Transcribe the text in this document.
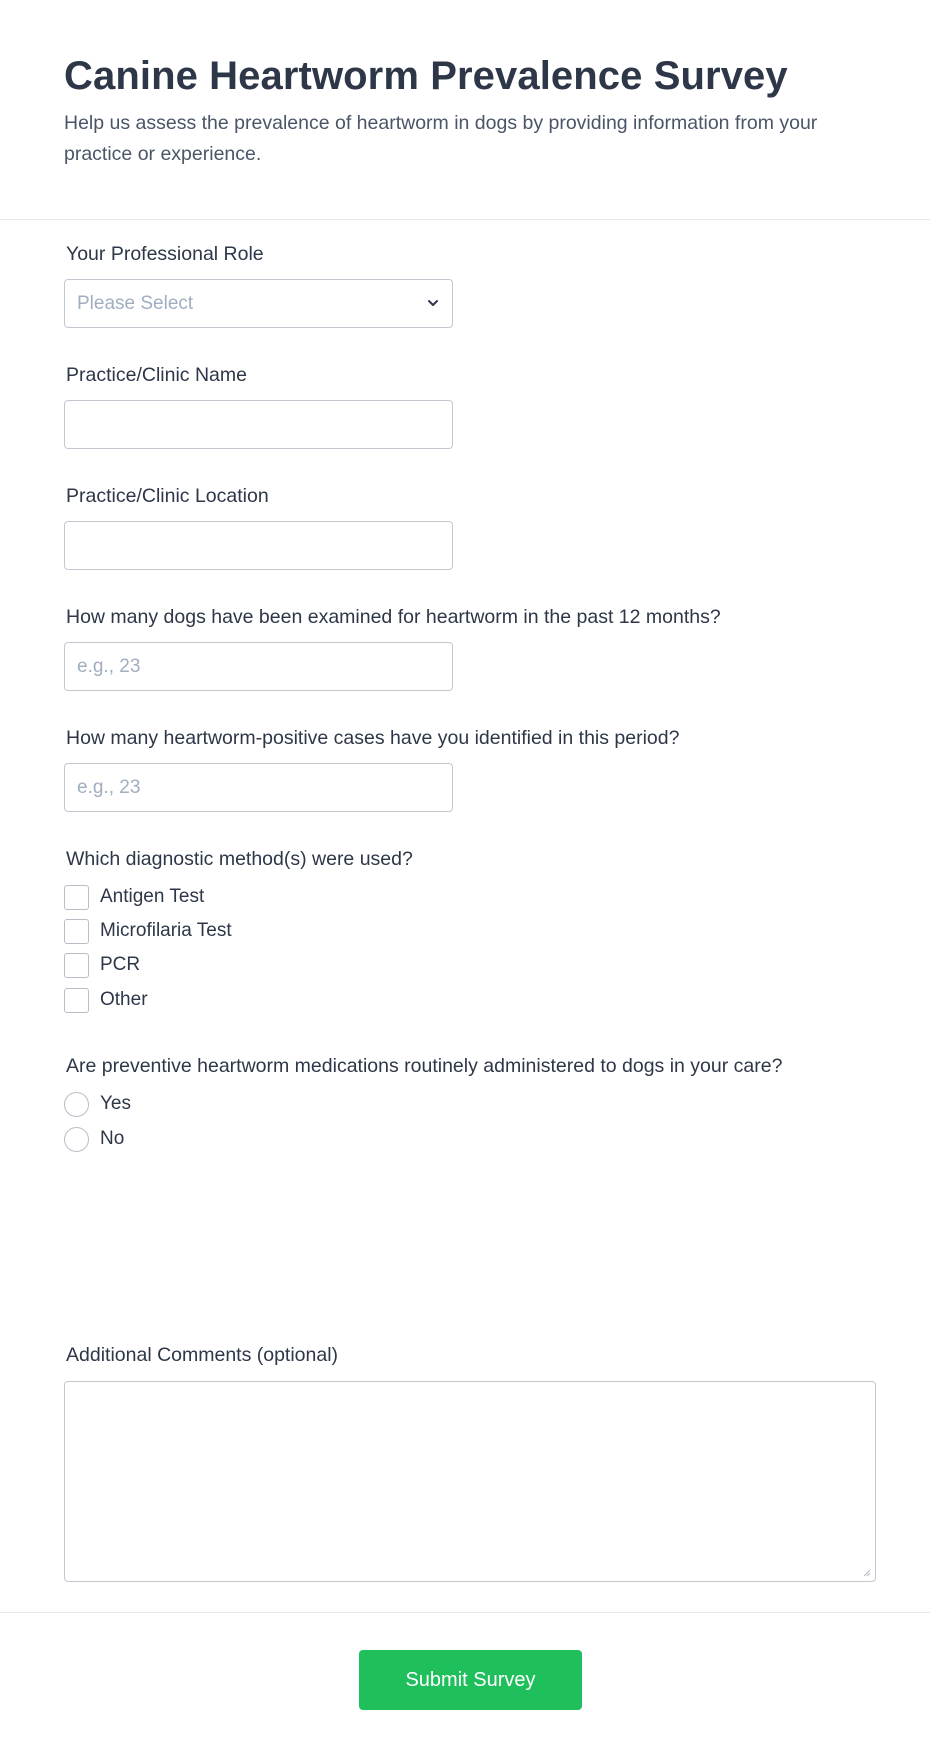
Canine Heartworm Prevalence Survey

Help us assess the prevalence of heartworm in dogs by providing information from your practice or experience.

Your Professional Role
Please Select
Practice/Clinic Name
Practice/Clinic Location
How many dogs have been examined for heartworm in the past 12 months?
e.g., 23
How many heartworm-positive cases have you identified in this period?
e.g., 23
Which diagnostic method(s) were used?
Antigen Test
Microfilaria Test
PCR
Other
Are preventive heartworm medications routinely administered to dogs in your care?
Yes
No
Additional Comments (optional)
Submit Survey
